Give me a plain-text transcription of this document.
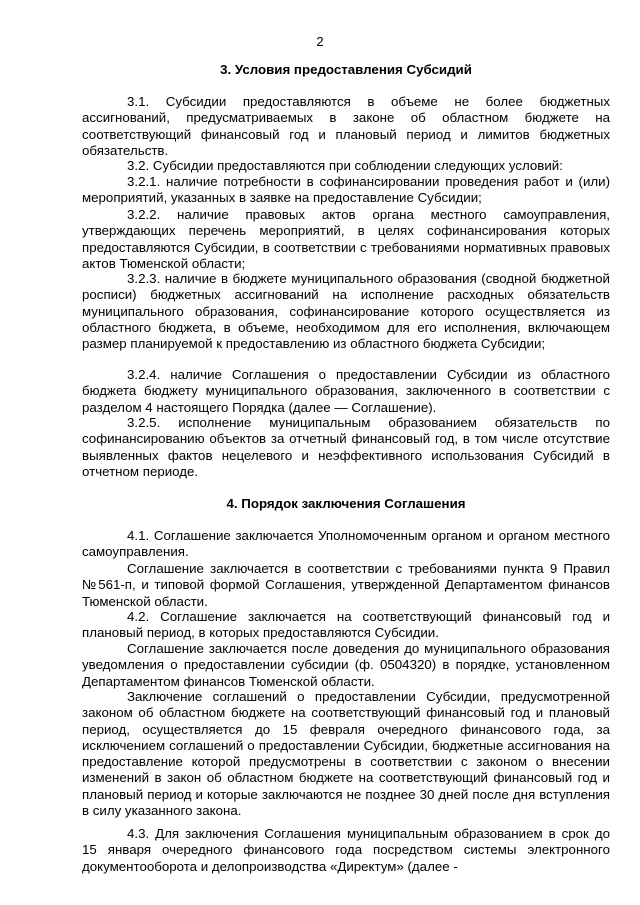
2
3. Условия предоставления Субсидий

3.1. Субсидии предоставляются в объеме не более бюджетных ассигнований, предусматриваемых в законе об областном бюджете на соответствующий финансовый год и плановый период и лимитов бюджетных обязательств.

3.2. Субсидии предоставляются при соблюдении следующих условий:

3.2.1. наличие потребности в софинансировании проведения работ и (или) мероприятий, указанных в заявке на предоставление Субсидии;

3.2.2. наличие правовых актов органа местного самоуправления, утверждающих перечень мероприятий, в целях софинансирования которых предоставляются Субсидии, в соответствии с требованиями нормативных правовых актов Тюменской области;

3.2.3. наличие в бюджете муниципального образования (сводной бюджетной росписи) бюджетных ассигнований на исполнение расходных обязательств муниципального образования, софинансирование которого осуществляется из областного бюджета, в объеме, необходимом для его исполнения, включающем размер планируемой к предоставлению из областного бюджета Субсидии;

3.2.4. наличие Соглашения о предоставлении Субсидии из областного бюджета бюджету муниципального образования, заключенного в соответствии с разделом 4 настоящего Порядка (далее — Соглашение).

3.2.5. исполнение муниципальным образованием обязательств по софинансированию объектов за отчетный финансовый год, в том числе отсутствие выявленных фактов нецелевого и неэффективного использования Субсидий в отчетном периоде.

4. Порядок заключения Соглашения

4.1. Соглашение заключается Уполномоченным органом и органом местного самоуправления.

Соглашение заключается в соответствии с требованиями пункта 9 Правил №561-п, и типовой формой Соглашения, утвержденной Департаментом финансов Тюменской области.

4.2. Соглашение заключается на соответствующий финансовый год и плановый период, в которых предоставляются Субсидии.

Соглашение заключается после доведения до муниципального образования уведомления о предоставлении субсидии (ф. 0504320) в порядке, установленном Департаментом финансов Тюменской области.

Заключение соглашений о предоставлении Субсидии, предусмотренной законом об областном бюджете на соответствующий финансовый год и плановый период, осуществляется до 15 февраля очередного финансового года, за исключением соглашений о предоставлении Субсидии, бюджетные ассигнования на предоставление которой предусмотрены в соответствии с законом о внесении изменений в закон об областном бюджете на соответствующий финансовый год и плановый период и которые заключаются не позднее 30 дней после дня вступления в силу указанного закона.

4.3. Для заключения Соглашения муниципальным образованием в срок до 15 января очередного финансового года посредством системы электронного документооборота и делопроизводства «Директум» (далее -
